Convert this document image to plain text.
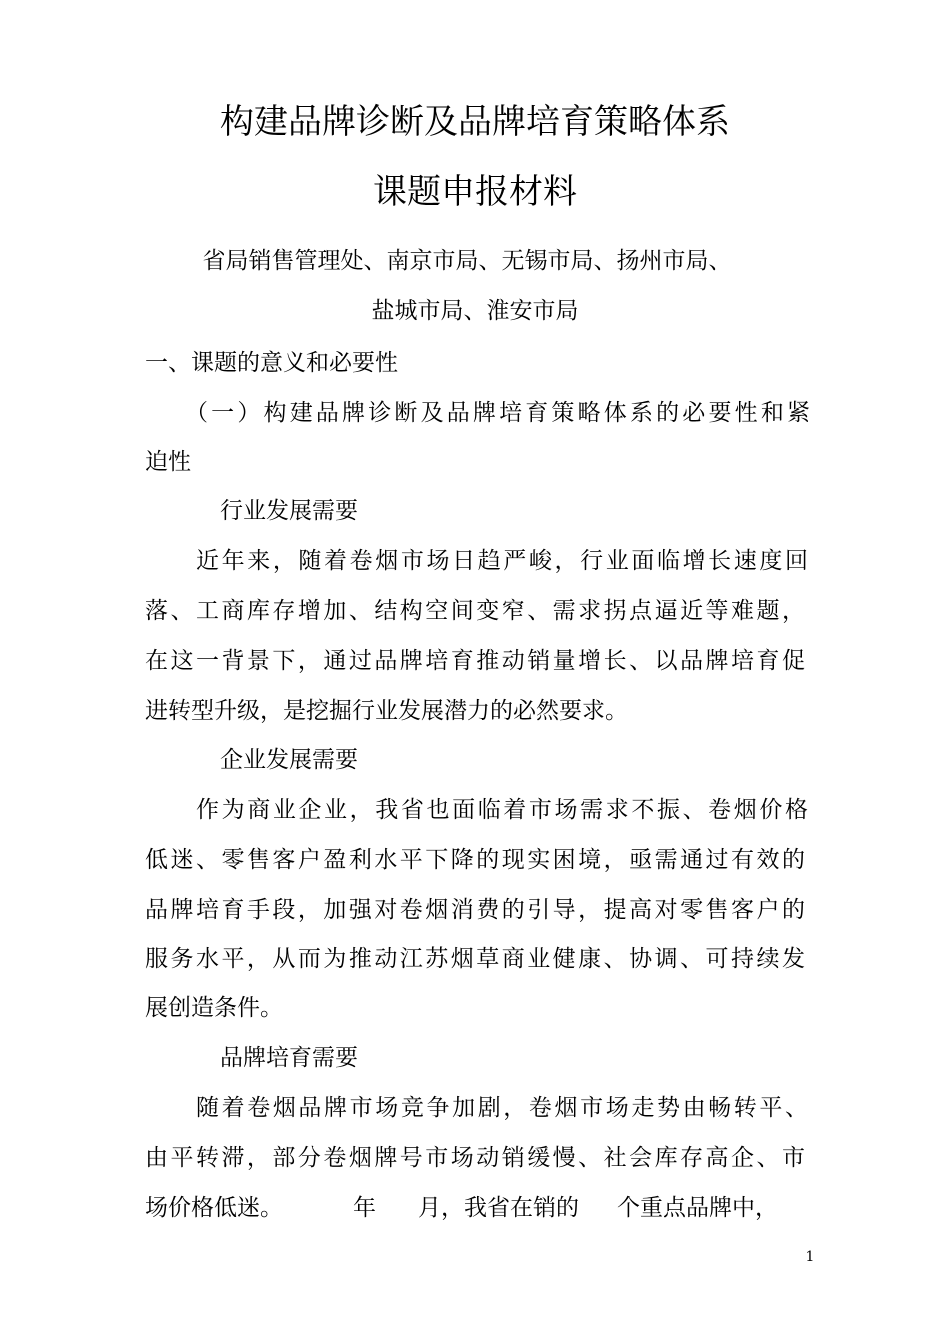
构建品牌诊断及品牌培育策略体系
课题申报材料
省局销售管理处、南京市局、无锡市局、扬州市局、
盐城市局、淮安市局
一、课题的意义和必要性
（一）构建品牌诊断及品牌培育策略体系的必要性和紧
迫性
行业发展需要
近年来，随着卷烟市场日趋严峻，行业面临增长速度回
落、工商库存增加、结构空间变窄、需求拐点逼近等难题，
在这一背景下，通过品牌培育推动销量增长、以品牌培育促
进转型升级，是挖掘行业发展潜力的必然要求。
企业发展需要
作为商业企业，我省也面临着市场需求不振、卷烟价格
低迷、零售客户盈利水平下降的现实困境，亟需通过有效的
品牌培育手段，加强对卷烟消费的引导，提高对零售客户的
服务水平，从而为推动江苏烟草商业健康、协调、可持续发
展创造条件。
品牌培育需要
随着卷烟品牌市场竞争加剧，卷烟市场走势由畅转平、
由平转滞，部分卷烟牌号市场动销缓慢、社会库存高企、市
场价格低迷。	年 月，我省在销的 个重点品牌中，
1
